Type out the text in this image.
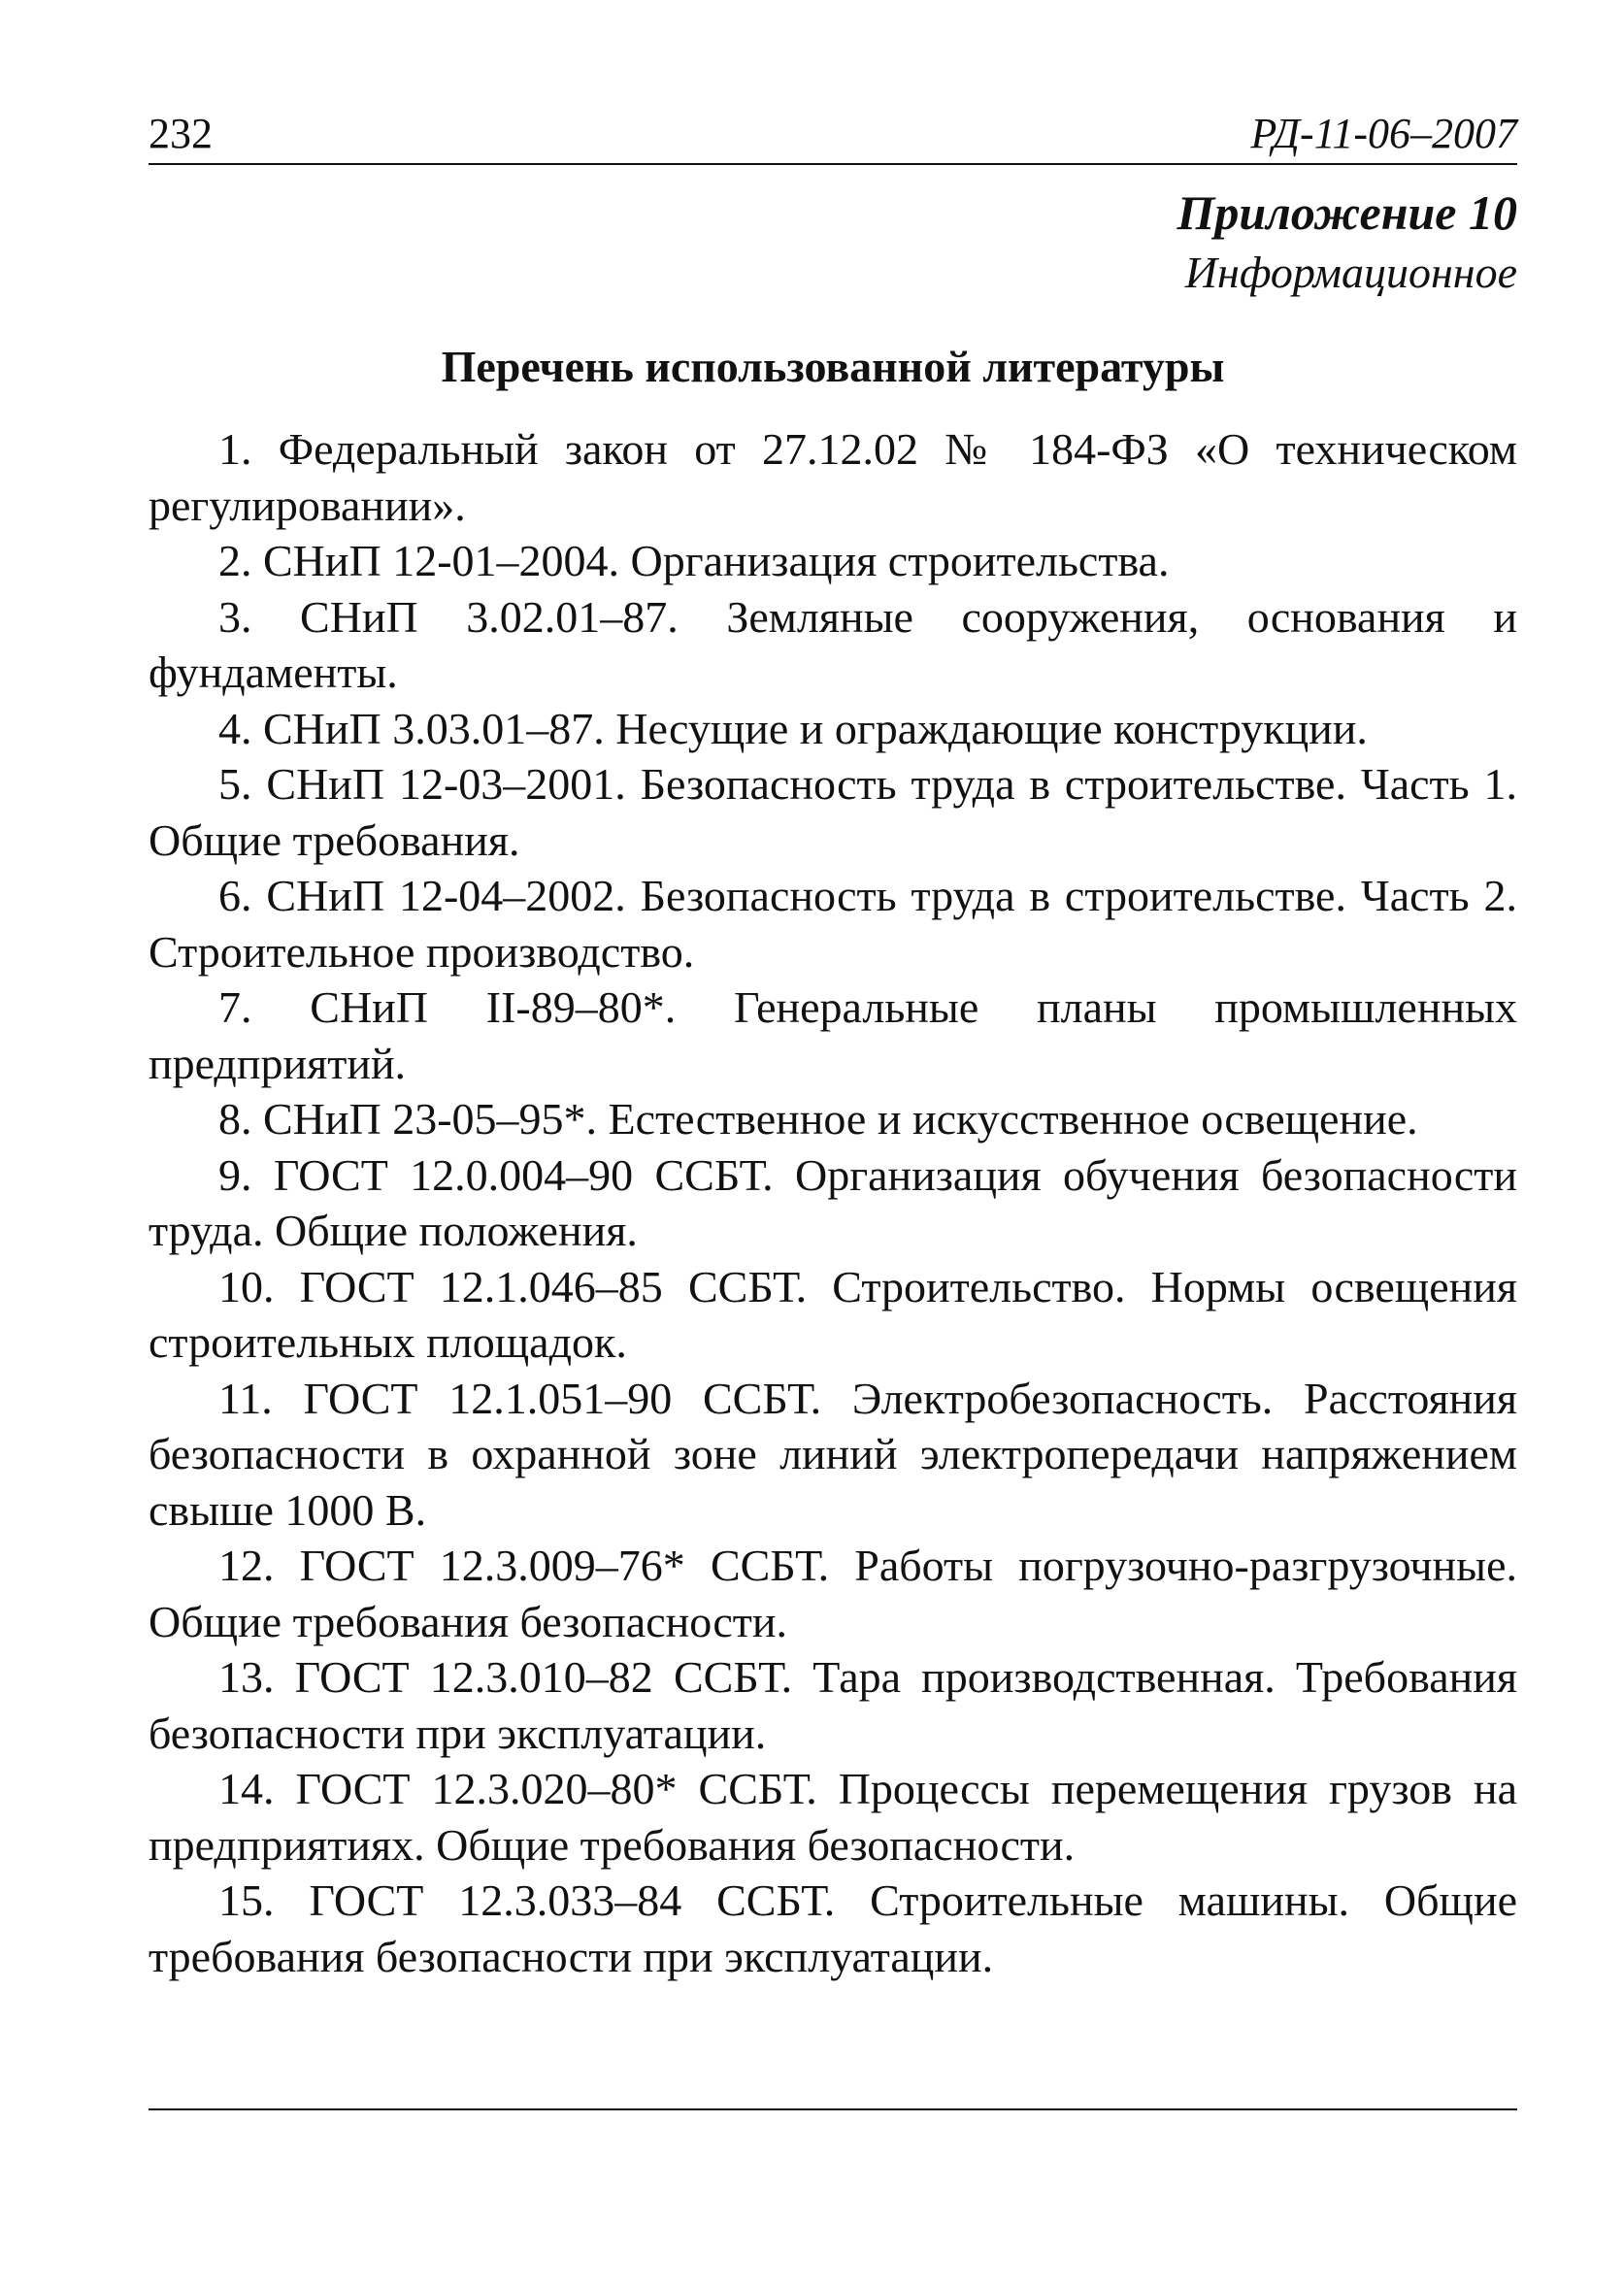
232	РД-11-06–2007
Приложение 10
Информационное
Перечень использованной литературы
1. Федеральный закон от 27.12.02 № 184-ФЗ «О техническом регулировании».
2. СНиП 12-01–2004. Организация строительства.
3. СНиП 3.02.01–87. Земляные сооружения, основания и фундаменты.
4. СНиП 3.03.01–87. Несущие и ограждающие конструкции.
5. СНиП 12-03–2001. Безопасность труда в строительстве. Часть 1. Общие требования.
6. СНиП 12-04–2002. Безопасность труда в строительстве. Часть 2. Строительное производство.
7. СНиП II-89–80*. Генеральные планы промышленных предприятий.
8. СНиП 23-05–95*. Естественное и искусственное освещение.
9. ГОСТ 12.0.004–90 ССБТ. Организация обучения безопасности труда. Общие положения.
10. ГОСТ 12.1.046–85 ССБТ. Строительство. Нормы освещения строительных площадок.
11. ГОСТ 12.1.051–90 ССБТ. Электробезопасность. Расстояния безопасности в охранной зоне линий электропередачи напряжением свыше 1000 В.
12. ГОСТ 12.3.009–76* ССБТ. Работы погрузочно-разгрузочные. Общие требования безопасности.
13. ГОСТ 12.3.010–82 ССБТ. Тара производственная. Требования безопасности при эксплуатации.
14. ГОСТ 12.3.020–80* ССБТ. Процессы перемещения грузов на предприятиях. Общие требования безопасности.
15. ГОСТ 12.3.033–84 ССБТ. Строительные машины. Общие требования безопасности при эксплуатации.
